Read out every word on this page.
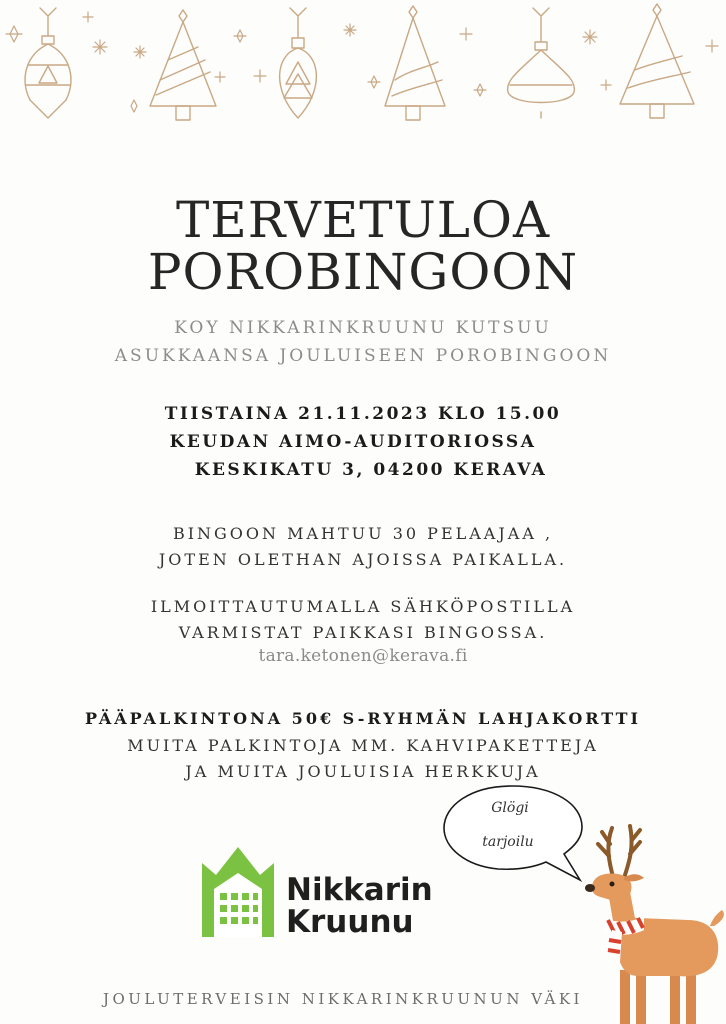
TERVETULOA
POROBINGOON
KOY NIKKARINKRUUNU KUTSUU
ASUKKAANSA JOULUISEEN POROBINGOON
TIISTAINA 21.11.2023 KLO 15.00
KEUDAN AIMO-AUDITORIOSSA
KESKIKATU 3, 04200 KERAVA
BINGOON MAHTUU 30 PELAAJAA ,
JOTEN OLETHAN AJOISSA PAIKALLA.
ILMOITTAUTUMALLA SÄHKÖPOSTILLA
VARMISTAT PAIKKASI BINGOSSA.
tara.ketonen@kerava.fi
PÄÄPALKINTONA 50€ S-RYHMÄN LAHJAKORTTI
MUITA PALKINTOJA MM. KAHVIPAKETTEJA
JA MUITA JOULUISIA HERKKUJA
Glögi
tarjoilu
Nikkarin
Kruunu
JOULUTERVEISIN NIKKARINKRUUNUN VÄKI
